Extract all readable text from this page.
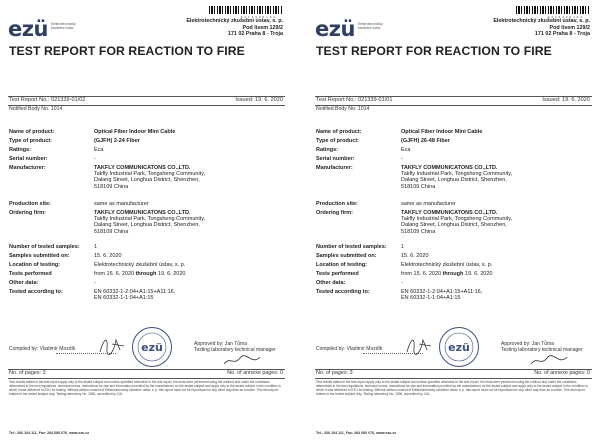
0 2 1 3 3 9 0 1 0 2
ezü Elektrotechnický zkušební ústav
Elektrotechnický zkušební ústav, s. p.
Pod lisem 129/2
171 02 Praha 8 - Troja
TEST REPORT FOR REACTION TO FIRE
Test Report No.: 021339-01/02	Issued: 19. 6. 2020
Notified Body No. 1014
Name of product:	Optical Fiber Indoor Mini Cable
Type of product:	(GJFH) 2-24 Fiber
Ratings:	Eca
Serial number:	-
Manufacturer:	TAKFLY COMMUNICATONS CO.,LTD.
Takfly Industrial Park, Tongsheng Community,
Dalang Street, Longhua District, Shenzhen,
518109 China
Production site:	same as manufacturer
Ordering firm:	TAKFLY COMMUNICATONS CO.,LTD.
Takfly Industrial Park, Tongsheng Community,
Dalang Street, Longhua District, Shenzhen,
518109 China
Number of tested samples:	1
Samples submitted on:	15. 6. 2020
Location of testing:	Elektrotechnický zkušební ústav, s. p.
Tests performed	from 16. 6. 2020 through 19. 6. 2020
Other data:	-
Tested according to:	EN 60332-1-2:04+A1:15+A11:16,
EN 60332-1-1:04+A1:15
Compiled by: Vladimír Mozdík	ezü	Approved by: Jan Tůma
Testing laboratory technical manager
No. of pages: 3	No. of annexe pages: 0
Test results stated in the test report apply only to the tested subject and unless specified otherwise in the test report, the tests were performed using the method and under the conditions determined in the test regulations, technical norms, instructions for use and information provided by the manufacturer on the tested subject and apply only to the tested subject in the condition in which it was delivered to EZU for testing. Without written consent of Elektrotechnický zkušební ústav, s. p. this report must not be reproduced in any other way than as a whole. This test report relates to the tested subject only. Testing laboratory No. 1096, accredited by CAI.
Tel.: 266 104 111, Fax: 284 680 076, www.ezu.cz
0 2 1 3 3 9 0 1 0 1
ezü Elektrotechnický zkušební ústav
Elektrotechnický zkušební ústav, s. p.
Pod lisem 129/2
171 02 Praha 8 - Troja
TEST REPORT FOR REACTION TO FIRE
Test Report No.: 021339-01/01	Issued: 19. 6. 2020
Notified Body No. 1014
Name of product:	Optical Fiber Indoor Mini Cable
Type of product:	(GJFH) 26-48 Fiber
Ratings:	Eca
Serial number:	-
Manufacturer:	TAKFLY COMMUNICATONS CO.,LTD.
Takfly Industrial Park, Tongsheng Community,
Dalang Street, Longhua District, Shenzhen,
518109 China
Production site:	same as manufacturer
Ordering firm:	TAKFLY COMMUNICATONS CO.,LTD.
Takfly Industrial Park, Tongsheng Community,
Dalang Street, Longhua District, Shenzhen,
518109 China
Number of tested samples:	1
Samples submitted on:	15. 6. 2020
Location of testing:	Elektrotechnický zkušební ústav, s. p.
Tests performed	from 15. 6. 2020 through 19. 6. 2020
Other data:	-
Tested according to:	EN 60332-1-2:04+A1:15+A11:16,
EN 60332-1-1:04+A1:15
Compiled by: Vladimír Mozdík	ezü	Approved by: Jan Tůma
Testing laboratory technical manager
No. of pages: 3	No. of annexe pages: 0
Test results stated in the test report apply only to the tested subject and unless specified otherwise in the test report, the tests were performed using the method and under the conditions determined in the test regulations, technical norms, instructions for use and information provided by the manufacturer on the tested subject and apply only to the tested subject in the condition in which it was delivered to EZU for testing. Without written consent of Elektrotechnický zkušební ústav, s. p. this report must not be reproduced in any other way than as a whole. This test report relates to the tested subject only. Testing laboratory No. 1096, accredited by CAI.
Tel.: 266 104 111, Fax: 284 680 076, www.ezu.cz
